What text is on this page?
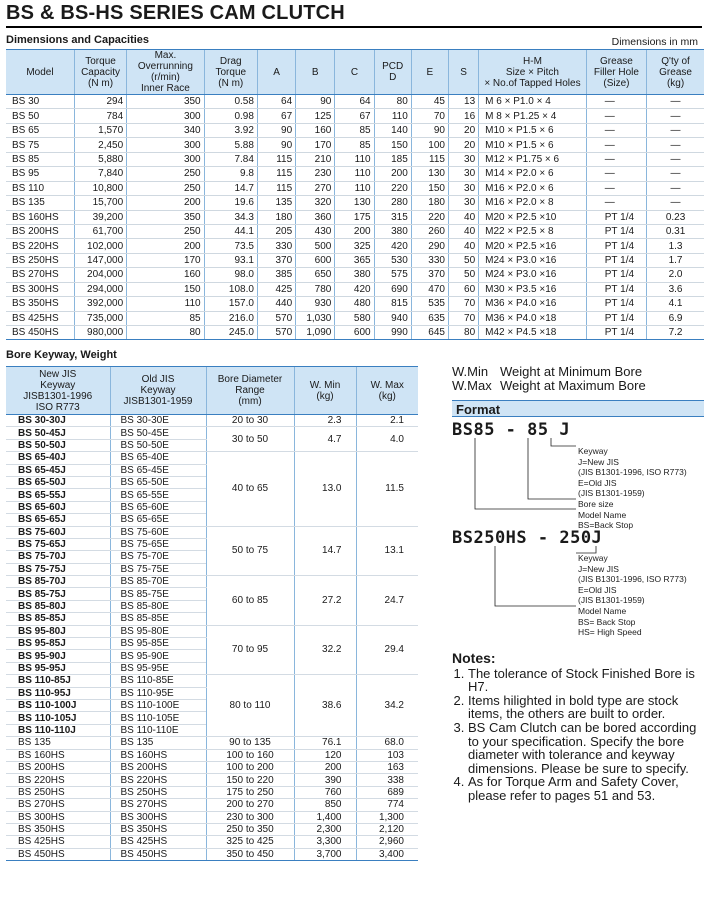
BS & BS-HS SERIES CAM CLUTCH
Dimensions and Capacities	Dimensions in mm
Model	Torque
Capacity
(N m)	Max.
Overrunning
(r/min)
Inner Race	Drag
Torque
(N m)	A	B	C	PCD
D	E	S	H-M
Size × Pitch
× No.of Tapped Holes	Grease
Filler Hole
(Size)	Q'ty of
Grease
(kg)
BS 30	294	350	0.58	64	90	64	80	45	13	M 6 × P1.0 × 4	—	—
BS 50	784	300	0.98	67	125	67	110	70	16	M 8 × P1.25 × 4	—	—
BS 65	1,570	340	3.92	90	160	85	140	90	20	M10 × P1.5 × 6	—	—
BS 75	2,450	300	5.88	90	170	85	150	100	20	M10 × P1.5 × 6	—	—
BS 85	5,880	300	7.84	115	210	110	185	115	30	M12 × P1.75 × 6	—	—
BS 95	7,840	250	9.8	115	230	110	200	130	30	M14 × P2.0 × 6	—	—
BS 110	10,800	250	14.7	115	270	110	220	150	30	M16 × P2.0 × 6	—	—
BS 135	15,700	200	19.6	135	320	130	280	180	30	M16 × P2.0 × 8	—	—
BS 160HS	39,200	350	34.3	180	360	175	315	220	40	M20 × P2.5 ×10	PT 1/4	0.23
BS 200HS	61,700	250	44.1	205	430	200	380	260	40	M22 × P2.5 × 8	PT 1/4	0.31
BS 220HS	102,000	200	73.5	330	500	325	420	290	40	M20 × P2.5 ×16	PT 1/4	1.3
BS 250HS	147,000	170	93.1	370	600	365	530	330	50	M24 × P3.0 ×16	PT 1/4	1.7
BS 270HS	204,000	160	98.0	385	650	380	575	370	50	M24 × P3.0 ×16	PT 1/4	2.0
BS 300HS	294,000	150	108.0	425	780	420	690	470	60	M30 × P3.5 ×16	PT 1/4	3.6
BS 350HS	392,000	110	157.0	440	930	480	815	535	70	M36 × P4.0 ×16	PT 1/4	4.1
BS 425HS	735,000	85	216.0	570	1,030	580	940	635	70	M36 × P4.0 ×18	PT 1/4	6.9
BS 450HS	980,000	80	245.0	570	1,090	600	990	645	80	M42 × P4.5 ×18	PT 1/4	7.2
Bore Keyway, Weight
New JIS
Keyway
JISB1301-1996
ISO R773	Old JIS
Keyway
JISB1301-1959	Bore Diameter
Range
(mm)	W. Min
(kg)	W. Max
(kg)
BS 30-30J	BS 30-30E	20 to 30	2.3	2.1
BS 50-45J	BS 50-45E	30 to 50	4.7	4.0
BS 50-50J	BS 50-50E			
BS 65-40J	BS 65-40E	40 to 65	13.0	11.5
BS 65-45J	BS 65-45E			
BS 65-50J	BS 65-50E			
BS 65-55J	BS 65-55E			
BS 65-60J	BS 65-60E			
BS 65-65J	BS 65-65E			
BS 75-60J	BS 75-60E	50 to 75	14.7	13.1
BS 75-65J	BS 75-65E			
BS 75-70J	BS 75-70E			
BS 75-75J	BS 75-75E			
BS 85-70J	BS 85-70E	60 to 85	27.2	24.7
BS 85-75J	BS 85-75E			
BS 85-80J	BS 85-80E			
BS 85-85J	BS 85-85E			
BS 95-80J	BS 95-80E	70 to 95	32.2	29.4
BS 95-85J	BS 95-85E			
BS 95-90J	BS 95-90E			
BS 95-95J	BS 95-95E			
BS 110-85J	BS 110-85E	80 to 110	38.6	34.2
BS 110-95J	BS 110-95E			
BS 110-100J	BS 110-100E			
BS 110-105J	BS 110-105E			
BS 110-110J	BS 110-110E			
BS 135	BS 135	90 to 135	76.1	68.0
BS 160HS	BS 160HS	100 to 160	120	103
BS 200HS	BS 200HS	100 to 200	200	163
BS 220HS	BS 220HS	150 to 220	390	338
BS 250HS	BS 250HS	175 to 250	760	689
BS 270HS	BS 270HS	200 to 270	850	774
BS 300HS	BS 300HS	230 to 300	1,400	1,300
BS 350HS	BS 350HS	250 to 350	2,300	2,120
BS 425HS	BS 425HS	325 to 425	3,300	2,960
BS 450HS	BS 450HS	350 to 450	3,700	3,400
W.Min Weight at Minimum Bore
W.Max Weight at Maximum Bore
Format
BS85 - 85 J
Keyway
J=New JIS
(JIS B1301-1996, ISO R773)
E=Old JIS
(JIS B1301-1959)
Bore size
Model Name
BS=Back Stop
BS250HS - 250J
Keyway
J=New JIS
(JIS B1301-1996, ISO R773)
E=Old JIS
(JIS B1301-1959)
Model Name
BS= Back Stop
HS= High Speed
Notes:
1. The tolerance of Stock Finished Bore is H7.
2. Items hilighted in bold type are stock items, the others are built to order.
3. BS Cam Clutch can be bored according to your specification. Specify the bore diameter with tolerance and keyway dimensions. Please be sure to specify.
4. As for Torque Arm and Safety Cover, please refer to pages 51 and 53.
